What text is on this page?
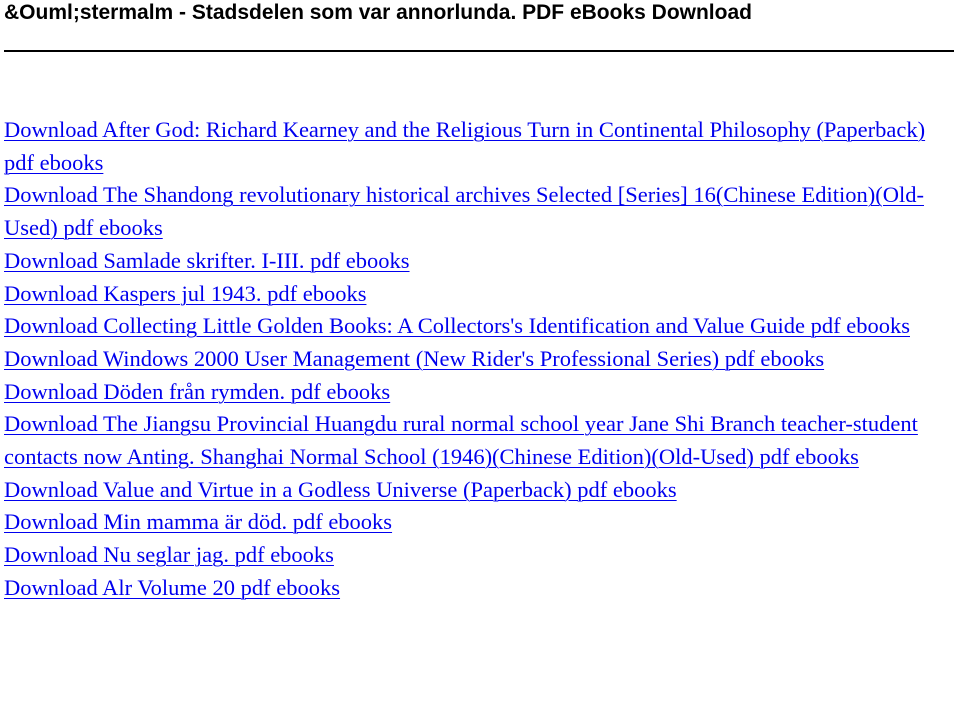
&Ouml;stermalm - Stadsdelen som var annorlunda. PDF eBooks Download
Download After God: Richard Kearney and the Religious Turn in Continental Philosophy (Paperback) pdf ebooks
Download The Shandong revolutionary historical archives Selected [Series] 16(Chinese Edition)(Old-Used) pdf ebooks
Download Samlade skrifter. I-III. pdf ebooks
Download Kaspers jul 1943. pdf ebooks
Download Collecting Little Golden Books: A Collectors's Identification and Value Guide pdf ebooks
Download Windows 2000 User Management (New Rider's Professional Series) pdf ebooks
Download Döden från rymden. pdf ebooks
Download The Jiangsu Provincial Huangdu rural normal school year Jane Shi Branch teacher-student contacts now Anting. Shanghai Normal School (1946)(Chinese Edition)(Old-Used) pdf ebooks
Download Value and Virtue in a Godless Universe (Paperback) pdf ebooks
Download Min mamma är död. pdf ebooks
Download Nu seglar jag. pdf ebooks
Download Alr Volume 20 pdf ebooks
